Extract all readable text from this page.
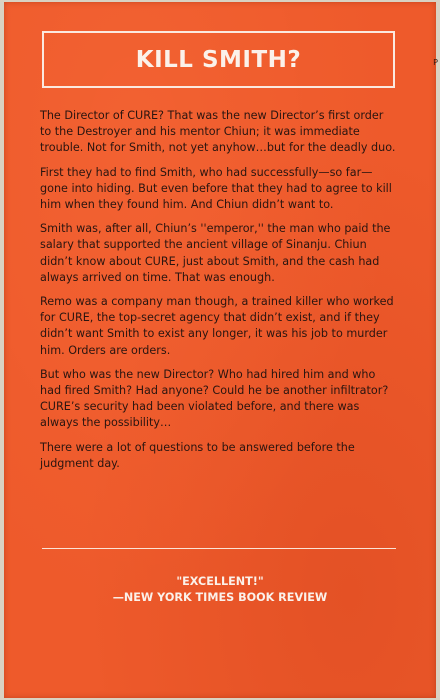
KILL SMITH?

The Director of CURE? That was the new Director’s first order to the Destroyer and his mentor Chiun; it was immediate trouble. Not for Smith, not yet anyhow…but for the deadly duo.

First they had to find Smith, who had successfully—so far—gone into hiding. But even before that they had to agree to kill him when they found him. And Chiun didn’t want to.

Smith was, after all, Chiun’s ''emperor,'' the man who paid the salary that supported the ancient village of Sinanju. Chiun didn’t know about CURE, just about Smith, and the cash had always arrived on time. That was enough.

Remo was a company man though, a trained killer who worked for CURE, the top-secret agency that didn’t exist, and if they didn’t want Smith to exist any longer, it was his job to murder him. Orders are orders.

But who was the new Director? Who had hired him and who had fired Smith? Had anyone? Could he be another infiltrator? CURE’s security had been violated before, and there was always the possibility…

There were a lot of questions to be answered before the judgment day.

"EXCELLENT!"
—NEW YORK TIMES BOOK REVIEW
P
